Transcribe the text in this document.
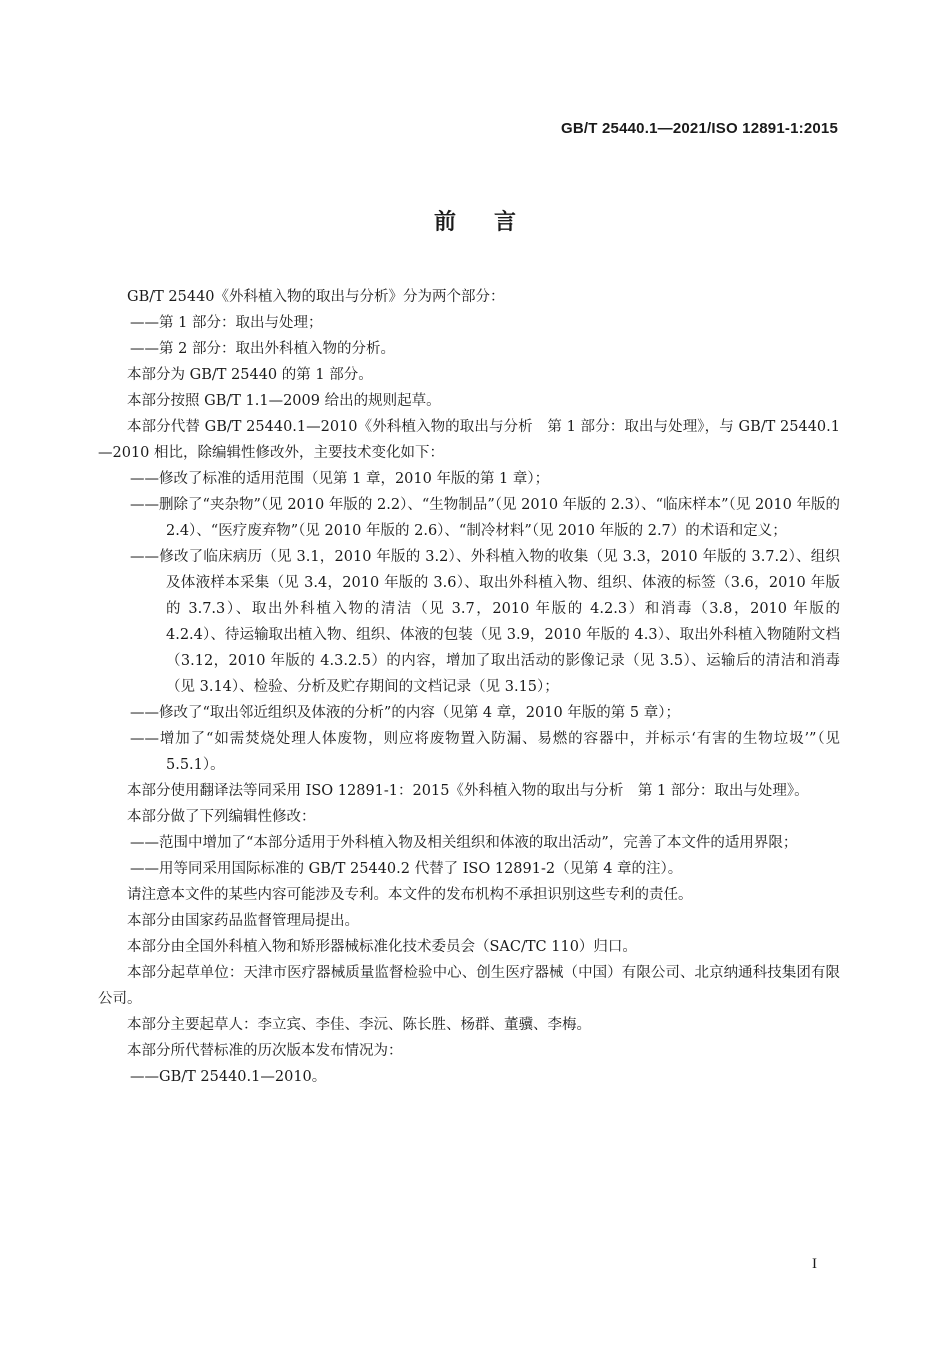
GB/T 25440.1—2021/ISO 12891-1:2015
前言

GB/T 25440《外科植入物的取出与分析》分为两个部分：

——第 1 部分：取出与处理；

——第 2 部分：取出外科植入物的分析。

本部分为 GB/T 25440 的第 1 部分。

本部分按照 GB/T 1.1—2009 给出的规则起草。

本部分代替 GB/T 25440.1—2010《外科植入物的取出与分析　第 1 部分：取出与处理》，与 GB/T 25440.1—2010 相比，除编辑性修改外，主要技术变化如下：

——修改了标准的适用范围（见第 1 章，2010 年版的第 1 章）；

——删除了“夹杂物”（见 2010 年版的 2.2）、“生物制品”（见 2010 年版的 2.3）、“临床样本”（见 2010 年版的 2.4）、“医疗废弃物”（见 2010 年版的 2.6）、“制冷材料”（见 2010 年版的 2.7）的术语和定义；

——修改了临床病历（见 3.1，2010 年版的 3.2）、外科植入物的收集（见 3.3，2010 年版的 3.7.2）、组织及体液样本采集（见 3.4，2010 年版的 3.6）、取出外科植入物、组织、体液的标签（3.6，2010 年版的 3.7.3）、取出外科植入物的清洁（见 3.7，2010 年版的 4.2.3）和消毒（3.8，2010 年版的 4.2.4）、待运输取出植入物、组织、体液的包装（见 3.9，2010 年版的 4.3）、取出外科植入物随附文档（3.12，2010 年版的 4.3.2.5）的内容，增加了取出活动的影像记录（见 3.5）、运输后的清洁和消毒（见 3.14）、检验、分析及贮存期间的文档记录（见 3.15）；

——修改了“取出邻近组织及体液的分析”的内容（见第 4 章，2010 年版的第 5 章）；

——增加了“如需焚烧处理人体废物，则应将废物置入防漏、易燃的容器中，并标示‘有害的生物垃圾’”（见 5.5.1）。

本部分使用翻译法等同采用 ISO 12891-1：2015《外科植入物的取出与分析　第 1 部分：取出与处理》。

本部分做了下列编辑性修改：

——范围中增加了“本部分适用于外科植入物及相关组织和体液的取出活动”，完善了本文件的适用界限；

——用等同采用国际标准的 GB/T 25440.2 代替了 ISO 12891-2（见第 4 章的注）。

请注意本文件的某些内容可能涉及专利。本文件的发布机构不承担识别这些专利的责任。

本部分由国家药品监督管理局提出。

本部分由全国外科植入物和矫形器械标准化技术委员会（SAC/TC 110）归口。

本部分起草单位：天津市医疗器械质量监督检验中心、创生医疗器械（中国）有限公司、北京纳通科技集团有限公司。

本部分主要起草人：李立宾、李佳、李沅、陈长胜、杨群、董骥、李梅。

本部分所代替标准的历次版本发布情况为：

——GB/T 25440.1—2010。

I
